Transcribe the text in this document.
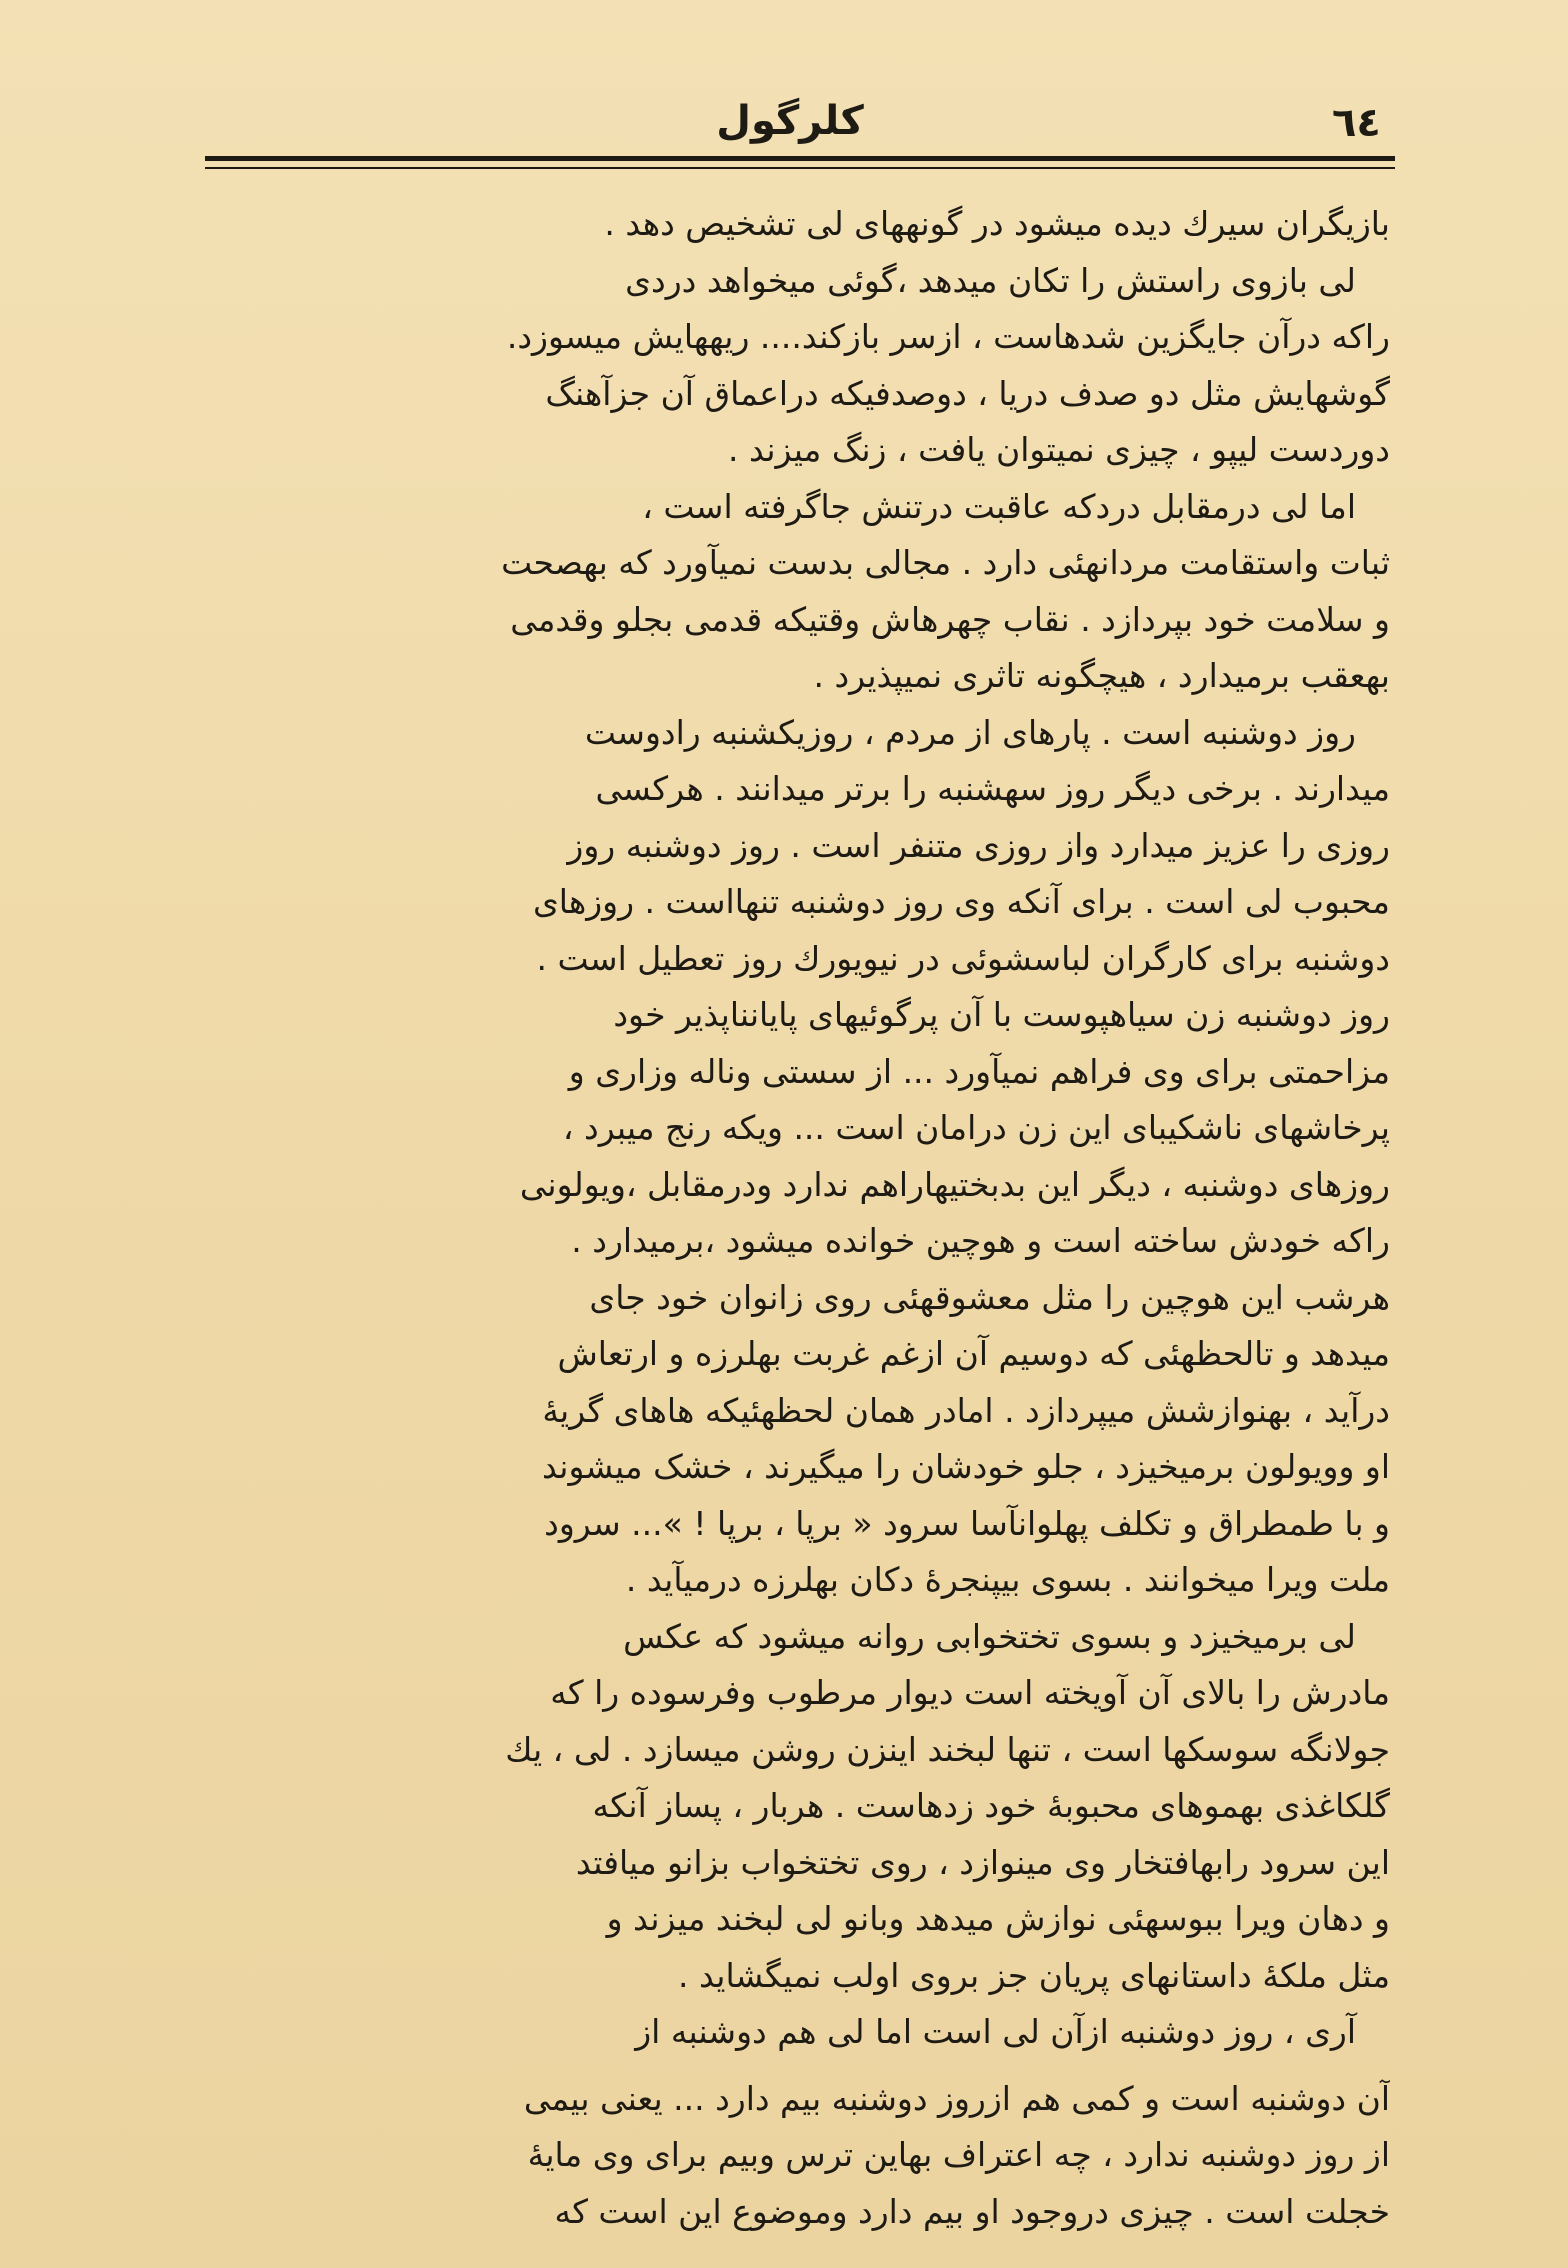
٦٤
کلرگول
بازیگران سیرك دیده میشود در گونههای لی تشخیص دهد .
لی بازوی راستش را تکان میدهد ،گوئی میخواهد دردی
راکه درآن جایگزین شدهاست ، ازسر بازکند.... ریههایش میسوزد.
گوشهایش مثل دو صدف دریا ، دوصدفیکه دراعماق آن جزآهنگ
دوردست لیپو ، چیزی نمیتوان یافت ، زنگ میزند .
اما لی درمقابل دردکه عاقبت درتنش جاگرفته است ،
ثبات واستقامت مردانهئی دارد . مجالی بدست نمیآورد که بهصحت
و سلامت خود بپردازد . نقاب چهرهاش وقتیکه قدمی بجلو وقدمی
بهعقب برمیدارد ، هیچگونه تاثری نمیپذیرد .
روز دوشنبه است . پارهای از مردم ، روزیکشنبه رادوست
میدارند . برخی دیگر روز سهشنبه را برتر میدانند . هرکسی
روزی را عزیز میدارد واز روزی متنفر است . روز دوشنبه روز
محبوب لی است . برای آنکه وی روز دوشنبه تنهااست . روزهای
دوشنبه برای کارگران لباسشوئی در نیویورك روز تعطیل است .
روز دوشنبه زن سیاهپوست با آن پرگوئیهای پایانناپذیر خود
مزاحمتی برای وی فراهم نمیآورد ... از سستی وناله وزاری و
پرخاشهای ناشکیبای این زن درامان است ... ویکه رنج میبرد ،
روزهای دوشنبه ، دیگر این بدبختیهاراهم ندارد ودرمقابل ،ویولونی
راکه خودش ساخته است و هوچین خوانده میشود ،برمیدارد .
هرشب این هوچین را مثل معشوقهئی روی زانوان خود جای
میدهد و تالحظهئی که دوسیم آن ازغم غربت بهلرزه و ارتعاش
درآید ، بهنوازشش میپردازد . امادر همان لحظهئیکه هاهای گریهٔ
او وویولون برمیخیزد ، جلو خودشان را میگیرند ، خشک میشوند
و با طمطراق و تکلف پهلوانآسا سرود « برپا ، برپا ! »... سرود
ملت ویرا میخوانند . بسوی بیپنجرهٔ دکان بهلرزه درمیآید .
لی برمیخیزد و بسوی تختخوابی روانه میشود که عکس
مادرش را بالای آن آویخته است دیوار مرطوب وفرسوده را که
جولانگه سوسکها است ، تنها لبخند اینزن روشن میسازد . لی ، یك
گلکاغذی بهموهای محبوبهٔ خود زدهاست . هربار ، پساز آنکه
این سرود رابهافتخار وی مینوازد ، روی تختخواب بزانو میافتد
و دهان ویرا ببوسهئی نوازش میدهد وبانو لی لبخند میزند و
مثل ملکهٔ داستانهای پریان جز بروی اولب نمیگشاید .
آری ، روز دوشنبه ازآن لی است اما لی هم دوشنبه از
آن دوشنبه است و کمی هم ازروز دوشنبه بیم دارد ... یعنی بیمی
از روز دوشنبه ندارد ، چه اعتراف بهاین ترس وبیم برای وی مایهٔ
خجلت است . چیزی دروجود او بیم دارد وموضوع این است که
